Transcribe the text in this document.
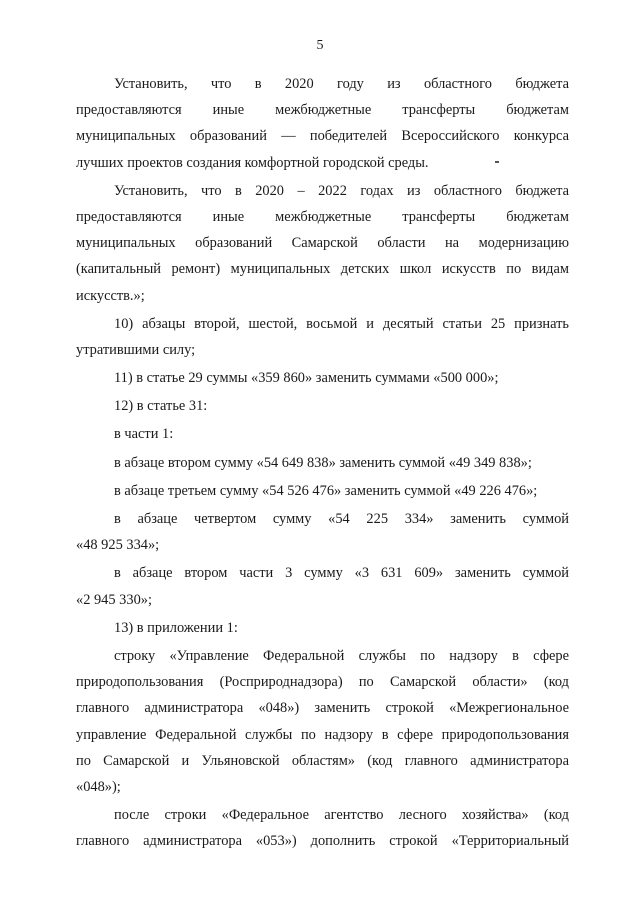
5
Установить, что в 2020 году из областного бюджета
предоставляются иные межбюджетные трансферты бюджетам
муниципальных образований — победителей Всероссийского конкурса
лучших проектов создания комфортной городской среды.
Установить, что в 2020 – 2022 годах из областного бюджета
предоставляются иные межбюджетные трансферты бюджетам
муниципальных образований Самарской области на модернизацию
(капитальный ремонт) муниципальных детских школ искусств по видам
искусств.»;
10) абзацы второй, шестой, восьмой и десятый статьи 25 признать
утратившими силу;
11) в статье 29 суммы «359 860» заменить суммами «500 000»;
12) в статье 31:
в части 1:
в абзаце втором сумму «54 649 838» заменить суммой «49 349 838»;
в абзаце третьем сумму «54 526 476» заменить суммой «49 226 476»;
в абзаце четвертом сумму «54 225 334» заменить суммой
«48 925 334»;
в абзаце втором части 3 сумму «3 631 609» заменить суммой
«2 945 330»;
13) в приложении 1:
строку «Управление Федеральной службы по надзору в сфере
природопользования (Росприроднадзора) по Самарской области» (код
главного администратора «048») заменить строкой «Межрегиональное
управление Федеральной службы по надзору в сфере природопользования
по Самарской и Ульяновской областям» (код главного администратора
«048»);
после строки «Федеральное агентство лесного хозяйства» (код
главного администратора «053») дополнить строкой «Территориальный
